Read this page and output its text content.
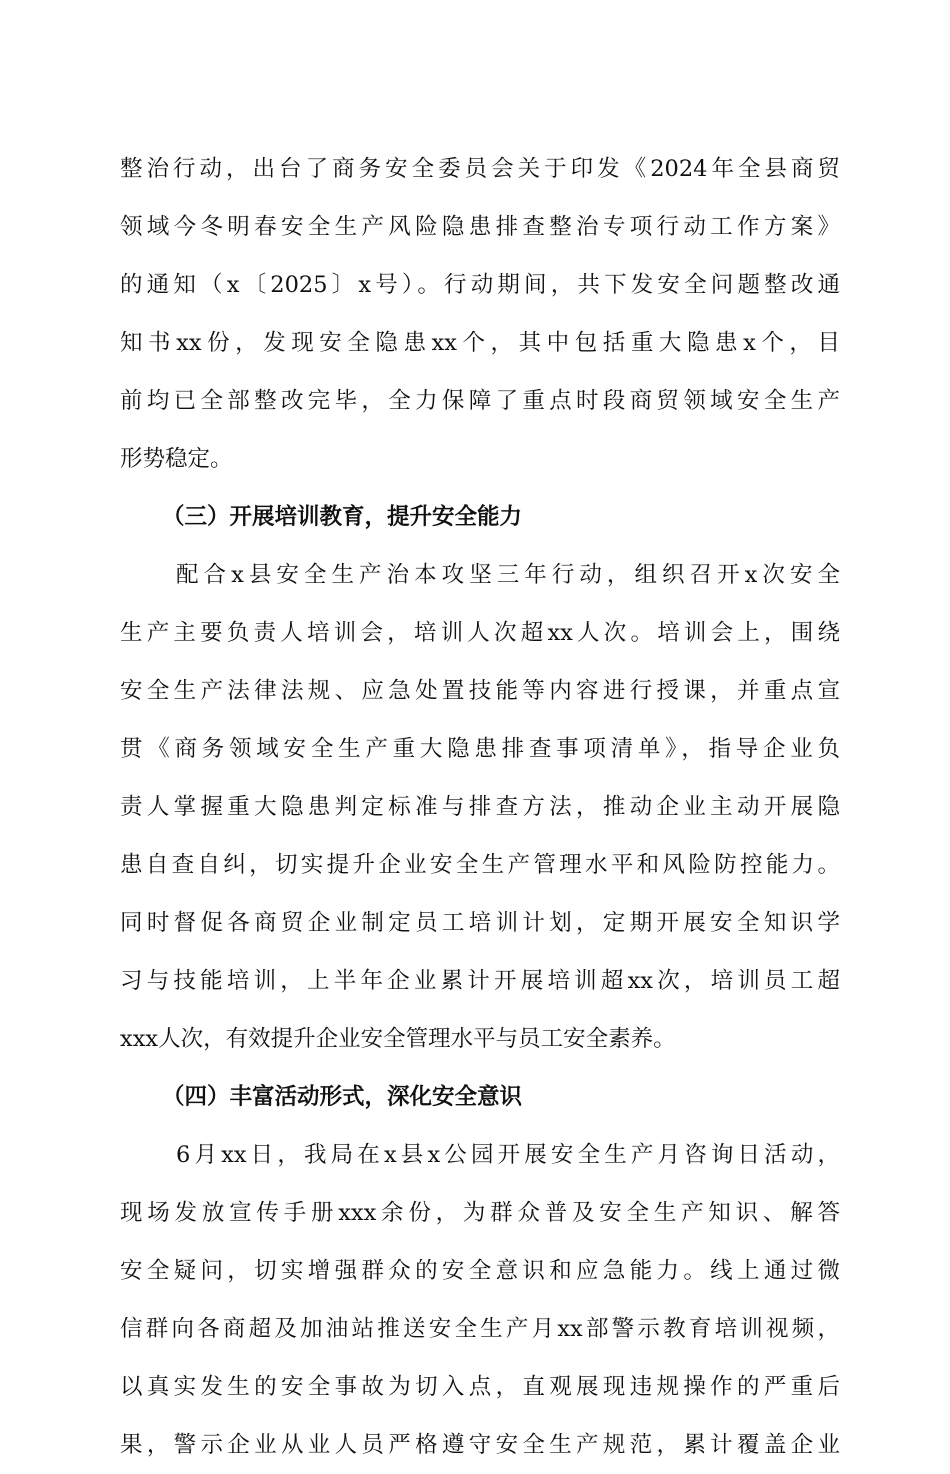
整治行动，出台了商务安全委员会关于印发《2024年全县商贸
领域今冬明春安全生产风险隐患排查整治专项行动工作方案》
的通知（x〔2025〕x号）。行动期间，共下发安全问题整改通
知书xx份，发现安全隐患xx个，其中包括重大隐患x个，目
前均已全部整改完毕，全力保障了重点时段商贸领域安全生产
形势稳定。
（三）开展培训教育，提升安全能力
配合x县安全生产治本攻坚三年行动，组织召开x次安全
生产主要负责人培训会，培训人次超xx人次。培训会上，围绕
安全生产法律法规、应急处置技能等内容进行授课，并重点宣
贯《商务领域安全生产重大隐患排查事项清单》，指导企业负
责人掌握重大隐患判定标准与排查方法，推动企业主动开展隐
患自查自纠，切实提升企业安全生产管理水平和风险防控能力。
同时督促各商贸企业制定员工培训计划，定期开展安全知识学
习与技能培训，上半年企业累计开展培训超xx次，培训员工超
xxx人次，有效提升企业安全管理水平与员工安全素养。
（四）丰富活动形式，深化安全意识
6月xx日，我局在x县x公园开展安全生产月咨询日活动，
现场发放宣传手册xxx余份，为群众普及安全生产知识、解答
安全疑问，切实增强群众的安全意识和应急能力。线上通过微
信群向各商超及加油站推送安全生产月xx部警示教育培训视频，
以真实发生的安全事故为切入点，直观展现违规操作的严重后
果，警示企业从业人员严格遵守安全生产规范，累计覆盖企业
